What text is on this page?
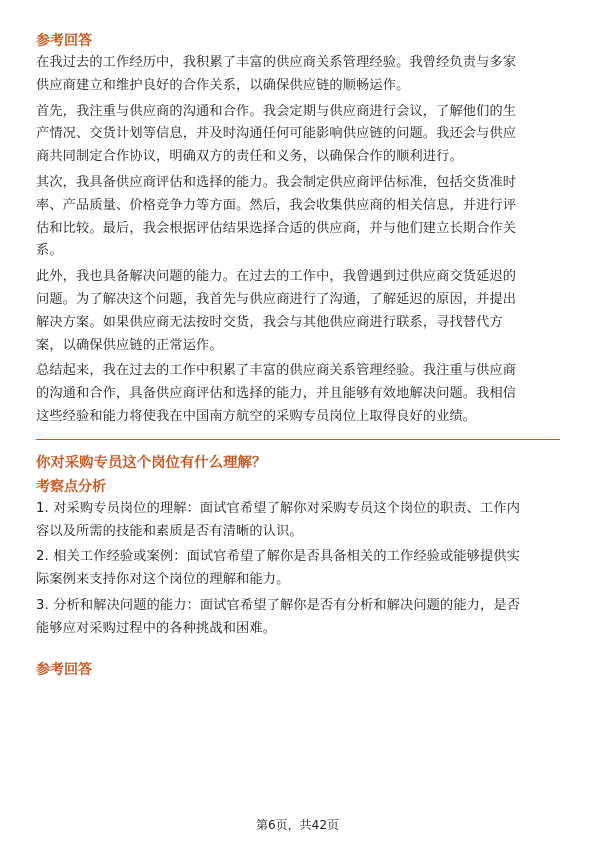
参考回答
在我过去的工作经历中，我积累了丰富的供应商关系管理经验。我曾经负责与多家
供应商建立和维护良好的合作关系，以确保供应链的顺畅运作。
首先，我注重与供应商的沟通和合作。我会定期与供应商进行会议，了解他们的生
产情况、交货计划等信息，并及时沟通任何可能影响供应链的问题。我还会与供应
商共同制定合作协议，明确双方的责任和义务，以确保合作的顺利进行。
其次，我具备供应商评估和选择的能力。我会制定供应商评估标准，包括交货准时
率、产品质量、价格竞争力等方面。然后，我会收集供应商的相关信息，并进行评
估和比较。最后，我会根据评估结果选择合适的供应商，并与他们建立长期合作关
系。
此外，我也具备解决问题的能力。在过去的工作中，我曾遇到过供应商交货延迟的
问题。为了解决这个问题，我首先与供应商进行了沟通，了解延迟的原因，并提出
解决方案。如果供应商无法按时交货，我会与其他供应商进行联系，寻找替代方
案，以确保供应链的正常运作。
总结起来，我在过去的工作中积累了丰富的供应商关系管理经验。我注重与供应商
的沟通和合作，具备供应商评估和选择的能力，并且能够有效地解决问题。我相信
这些经验和能力将使我在中国南方航空的采购专员岗位上取得良好的业绩。
你对采购专员这个岗位有什么理解？
考察点分析
1. 对采购专员岗位的理解：面试官希望了解你对采购专员这个岗位的职责、工作内
容以及所需的技能和素质是否有清晰的认识。
2. 相关工作经验或案例：面试官希望了解你是否具备相关的工作经验或能够提供实
际案例来支持你对这个岗位的理解和能力。
3. 分析和解决问题的能力：面试官希望了解你是否有分析和解决问题的能力，是否
能够应对采购过程中的各种挑战和困难。
参考回答
第6页，共42页
